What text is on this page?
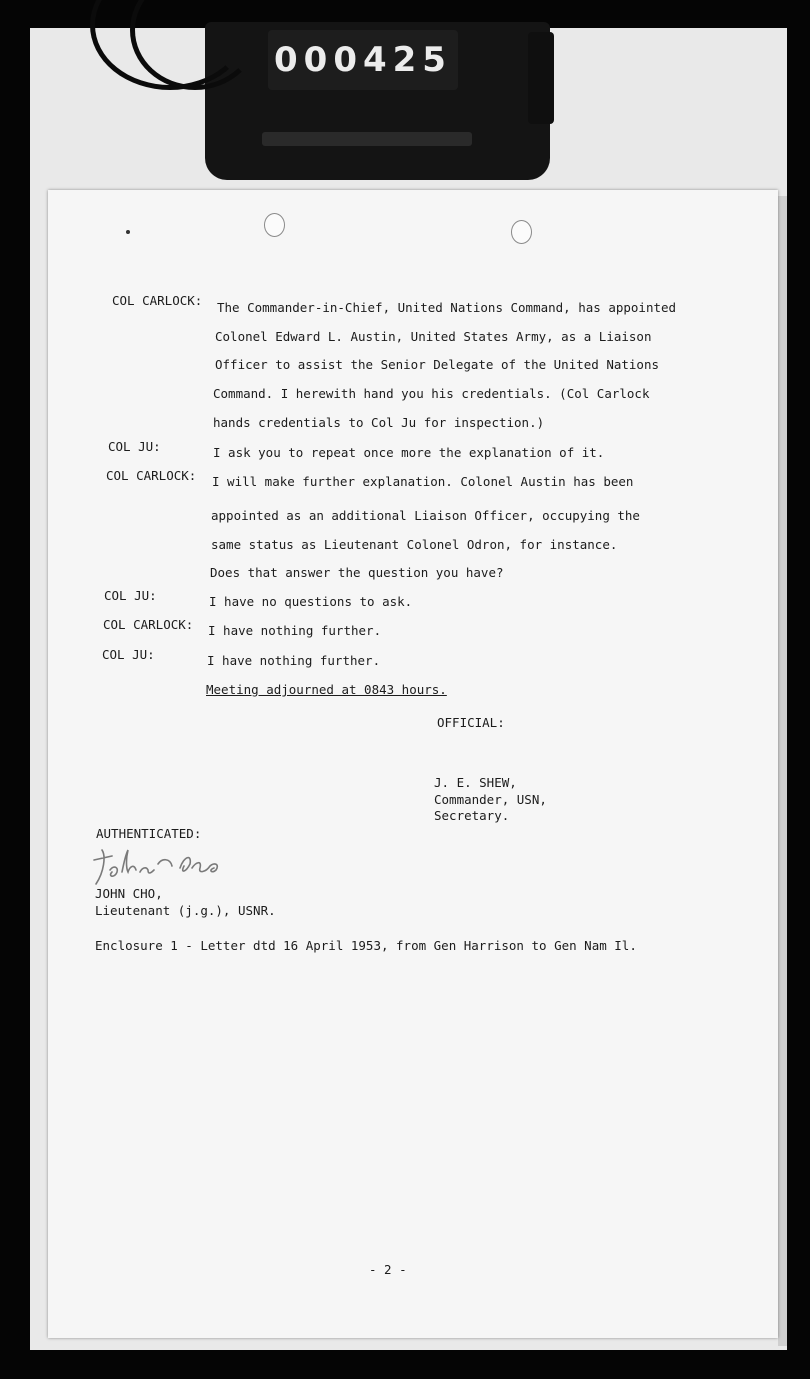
000425
COL CARLOCK: The Commander-in-Chief, United Nations Command, has appointed
Colonel Edward L. Austin, United States Army, as a Liaison
Officer to assist the Senior Delegate of the United Nations
Command. I herewith hand you his credentials. (Col Carlock
hands credentials to Col Ju for inspection.)
COL JU:	I ask you to repeat once more the explanation of it.
COL CARLOCK: I will make further explanation. Colonel Austin has been
appointed as an additional Liaison Officer, occupying the
same status as Lieutenant Colonel Odron, for instance.
Does that answer the question you have?
COL JU:	I have no questions to ask.
COL CARLOCK: I have nothing further.
COL JU:	I have nothing further.
Meeting adjourned at 0843 hours.
OFFICIAL:
J. E. SHEW,
Commander, USN,
Secretary.
AUTHENTICATED:
JOHN CHO,
Lieutenant (j.g.), USNR.
Enclosure 1 - Letter dtd 16 April 1953, from Gen Harrison to Gen Nam Il.
- 2 -
